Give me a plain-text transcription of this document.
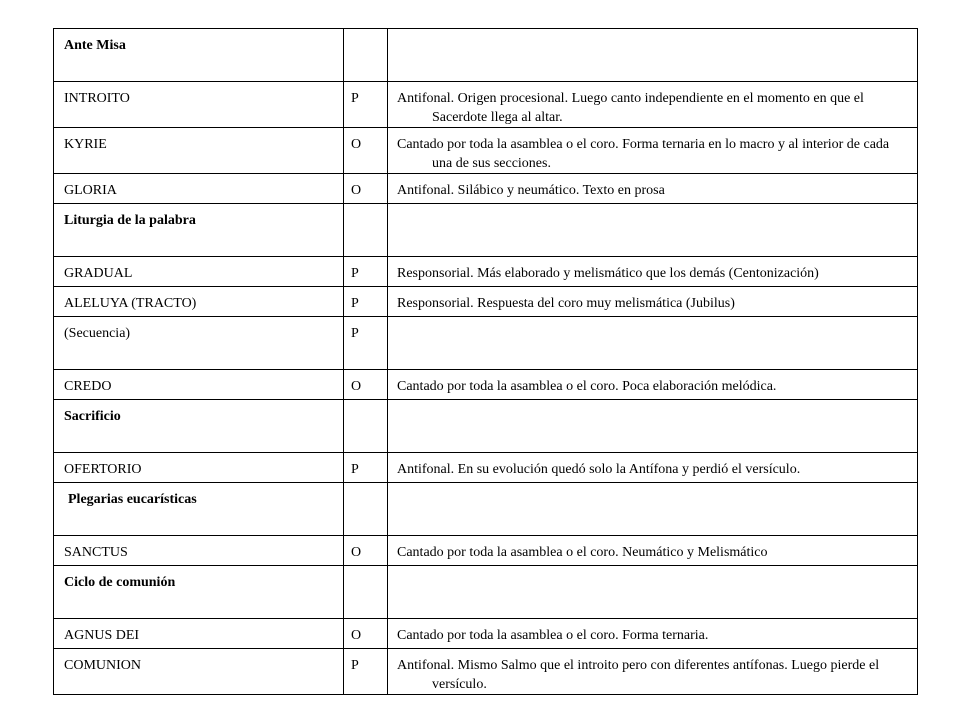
Ante Misa		
INTROITO	P	Antifonal. Origen procesional. Luego canto independiente en el momento en que el Sacerdote llega al altar.
KYRIE	O	Cantado por toda la asamblea o el coro. Forma ternaria en lo macro y al interior de cada una de sus secciones.
GLORIA	O	Antifonal. Silábico y neumático. Texto en prosa
Liturgia de la palabra		
GRADUAL	P	Responsorial. Más elaborado y melismático que los demás (Centonización)
ALELUYA (TRACTO)	P	Responsorial. Respuesta del coro muy melismática (Jubilus)
(Secuencia)	P	
CREDO	O	Cantado por toda la asamblea o el coro. Poca elaboración melódica.
Sacrificio		
OFERTORIO	P	Antifonal. En su evolución quedó solo la Antífona y perdió el versículo.
Plegarias eucarísticas		
SANCTUS	O	Cantado por toda la asamblea o el coro. Neumático y Melismático
Ciclo de comunión		
AGNUS DEI	O	Cantado por toda la asamblea o el coro. Forma ternaria.
COMUNION	P	Antifonal. Mismo Salmo que el introito pero con diferentes antífonas. Luego pierde el versículo.
